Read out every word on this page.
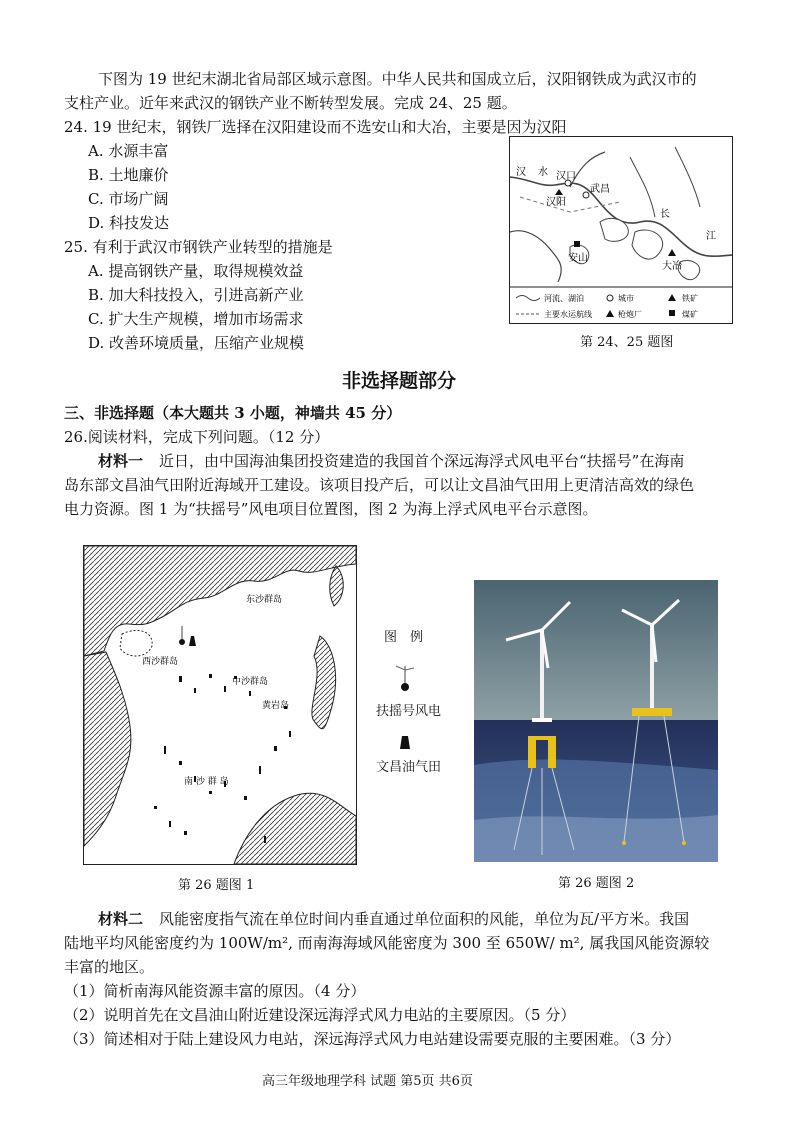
下图为 19 世纪末湖北省局部区域示意图。中华人民共和国成立后，汉阳钢铁成为武汉市的
支柱产业。近年来武汉的钢铁产业不断转型发展。完成 24、25 题。
24. 19 世纪末，钢铁厂选择在汉阳建设而不选安山和大冶，主要是因为汉阳
A. 水源丰富
B. 土地廉价
C. 市场广阔
D. 科技发达
25. 有利于武汉市钢铁产业转型的措施是
A. 提高钢铁产量，取得规模效益
B. 加大科技投入，引进高新产业
C. 扩大生产规模，增加市场需求
D. 改善环境质量，压缩产业规模
汉口
汉阳
武昌
安山
大冶
汉 水
长
江
河流、湖泊	城市	铁矿
主要水运航线	枪炮厂	煤矿
第 24、25 题图
非选择题部分
三、非选择题（本大题共 3 小题，神墙共 45 分）
26.阅读材料，完成下列问题。（12 分）
材料一 近日，由中国海油集团投资建造的我国首个深远海浮式风电平台“扶摇号”在海南
岛东部文昌油气田附近海域开工建设。该项目投产后，可以让文昌油气田用上更清洁高效的绿色
电力资源。图 1 为“扶摇号”风电项目位置图，图 2 为海上浮式风电平台示意图。
东沙群岛
西沙群岛
中沙群岛
黄岩岛
南 沙 群 岛
第 26 题图 1
图　例
扶摇号风电
文昌油气田
第 26 题图 2
材料二 风能密度指气流在单位时间内垂直通过单位面积的风能，单位为瓦/平方米。我国
陆地平均风能密度约为 100W/m², 而南海海域风能密度为 300 至 650W/ m², 属我国风能资源较
丰富的地区。
（1）简析南海风能资源丰富的原因。（4 分）
（2）说明首先在文昌油山附近建设深远海浮式风力电站的主要原因。（5 分）
（3）简述相对于陆上建设风力电站，深远海浮式风力电站建设需要克服的主要困难。（3 分）
高三年级地理学科 试题 第5页 共6页
